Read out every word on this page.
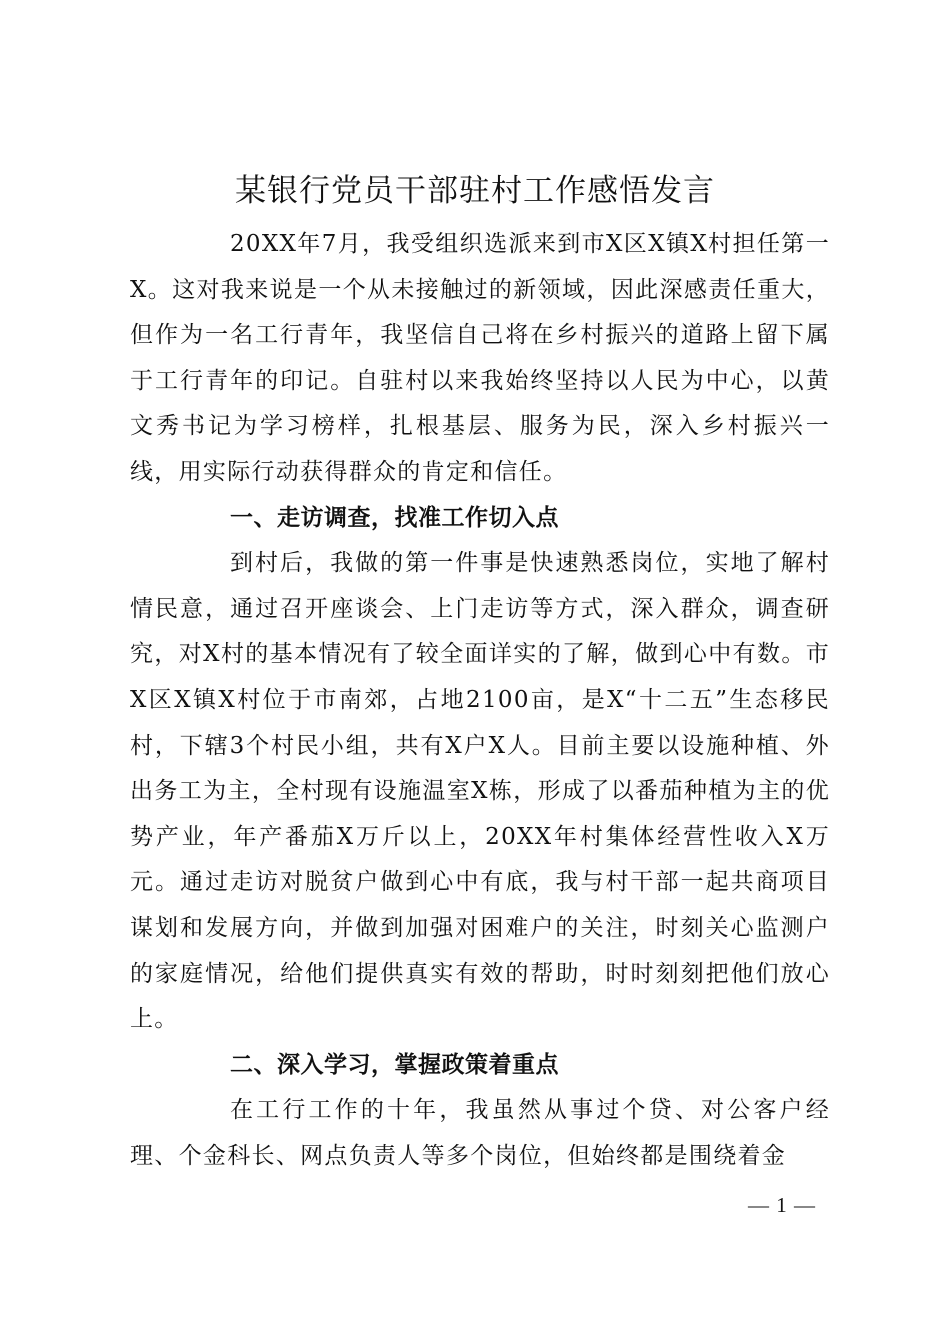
某银行党员干部驻村工作感悟发言

20XX年7月，我受组织选派来到市X区X镇X村担任第一X。这对我来说是一个从未接触过的新领域，因此深感责任重大，但作为一名工行青年，我坚信自己将在乡村振兴的道路上留下属于工行青年的印记。自驻村以来我始终坚持以人民为中心，以黄文秀书记为学习榜样，扎根基层、服务为民，深入乡村振兴一线，用实际行动获得群众的肯定和信任。

一、走访调查，找准工作切入点

到村后，我做的第一件事是快速熟悉岗位，实地了解村情民意，通过召开座谈会、上门走访等方式，深入群众，调查研究，对X村的基本情况有了较全面详实的了解，做到心中有数。市X区X镇X村位于市南郊，占地2100亩，是X“十二五”生态移民村，下辖3个村民小组，共有X户X人。目前主要以设施种植、外出务工为主，全村现有设施温室X栋，形成了以番茄种植为主的优势产业，年产番茄X万斤以上，20XX年村集体经营性收入X万元。通过走访对脱贫户做到心中有底，我与村干部一起共商项目谋划和发展方向，并做到加强对困难户的关注，时刻关心监测户的家庭情况，给他们提供真实有效的帮助，时时刻刻把他们放心上。

二、深入学习，掌握政策着重点

在工行工作的十年，我虽然从事过个贷、对公客户经理、个金科长、网点负责人等多个岗位，但始终都是围绕着金

— 1 —
